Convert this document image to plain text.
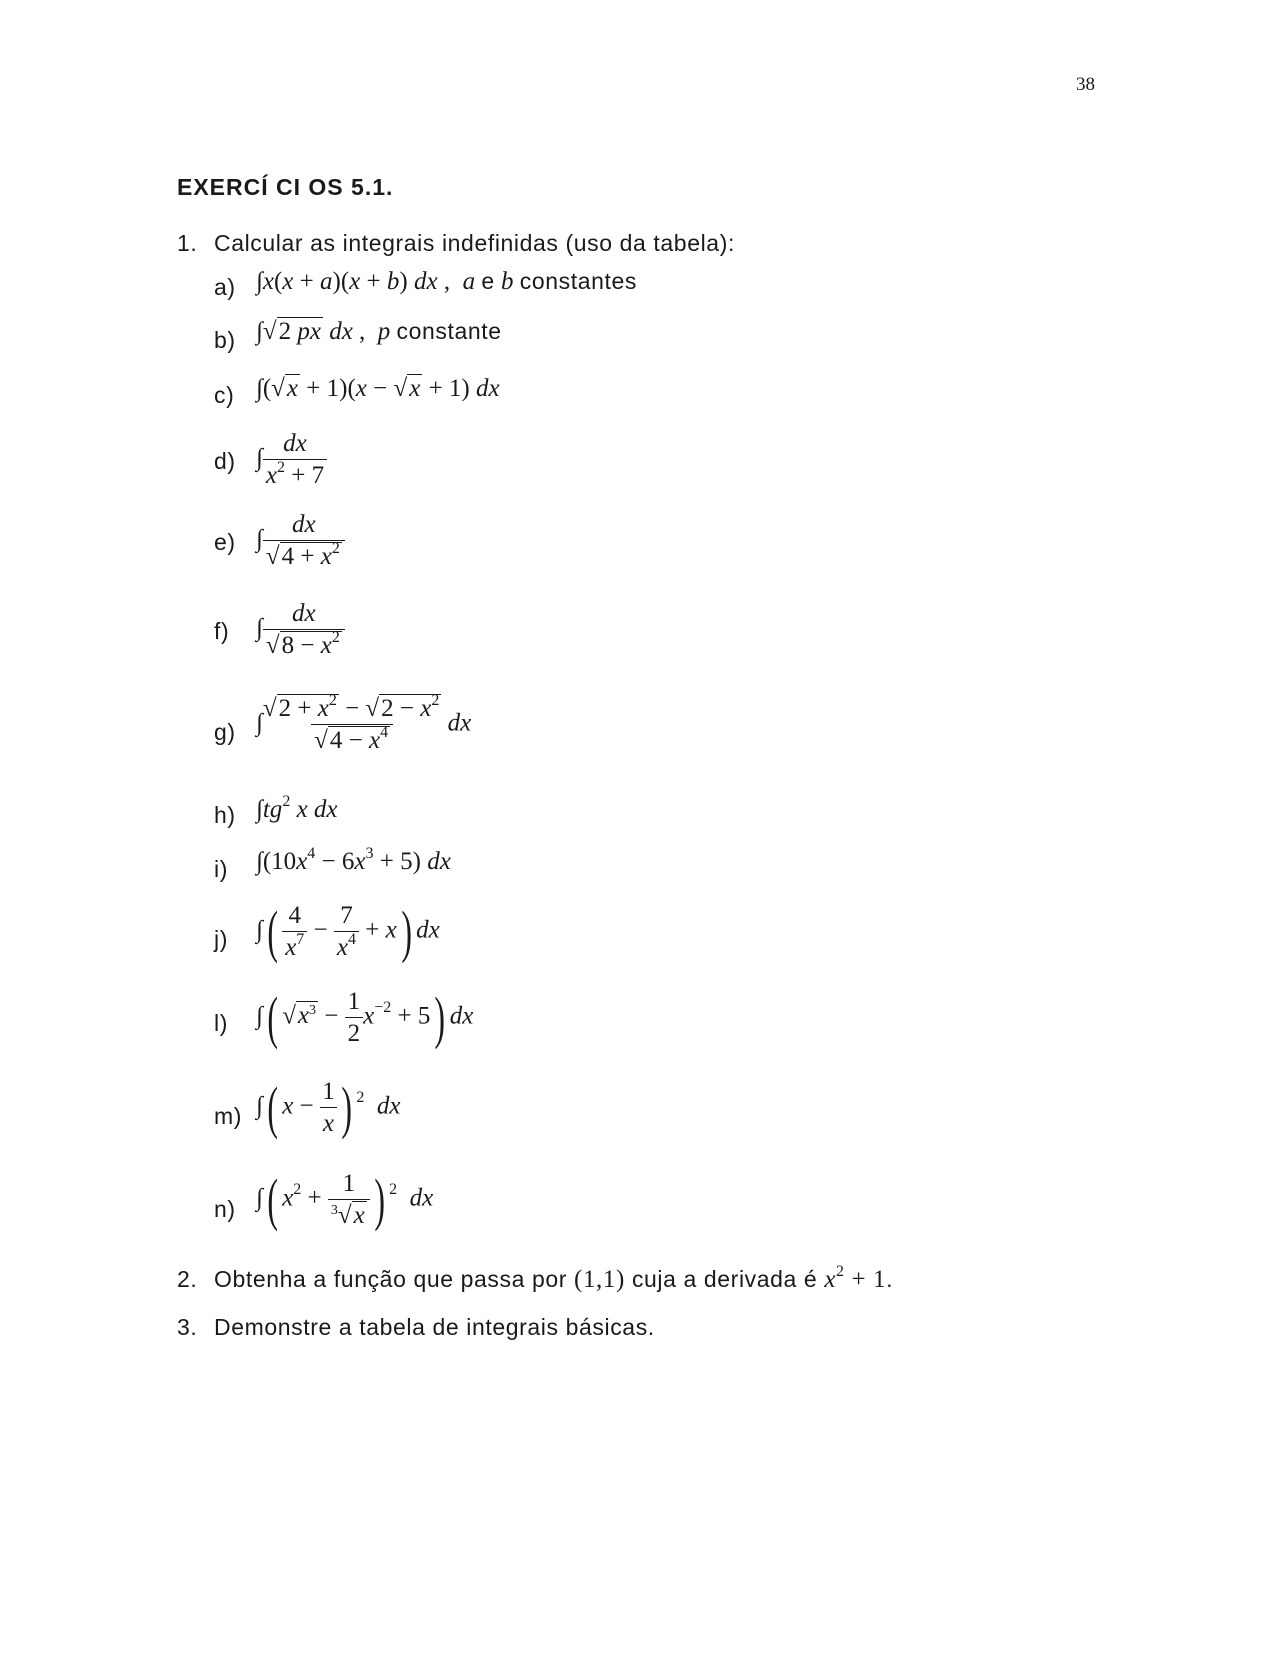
38
EXERCÍ CI OS 5.1.
1. Calcular as integrais indefinidas (uso da tabela):
a) ∫x(x + a)(x + b) dx ,  a e b constantes
b) ∫√2 px dx ,  p constante
c) ∫(√x + 1)(x − √x + 1) dx
d) ∫ $\frac{dx}{x^2 + 7}$
e) ∫ $\frac{dx}{√4 + x^2}$
f) ∫ $\frac{dx}{√8 - x^2}$
g) ∫ $\frac{√2 + x^2 - √2 - x^2}{√4 - x^4}$ dx
h) $\int tg^2$ x dx
i) $\int(10x^4 - 6x^3 + 5)$ dx
j) ∫( $\frac{4}{x^7} - \frac{7}{x^4} + x$) dx
l) ∫( $√x^3 - \frac{1}{2} x^{-2} + 5$) dx
m) ∫( $x - \frac{1}{x}$ ) $^2$ dx
n) ∫( $x^2 + \frac{1}{^3√x}$ ) $^2$ dx
2. Obtenha a função que passa por (1,1) cuja a derivada é $x^2 + 1$.
3. Demonstre a tabela de integrais básicas.
